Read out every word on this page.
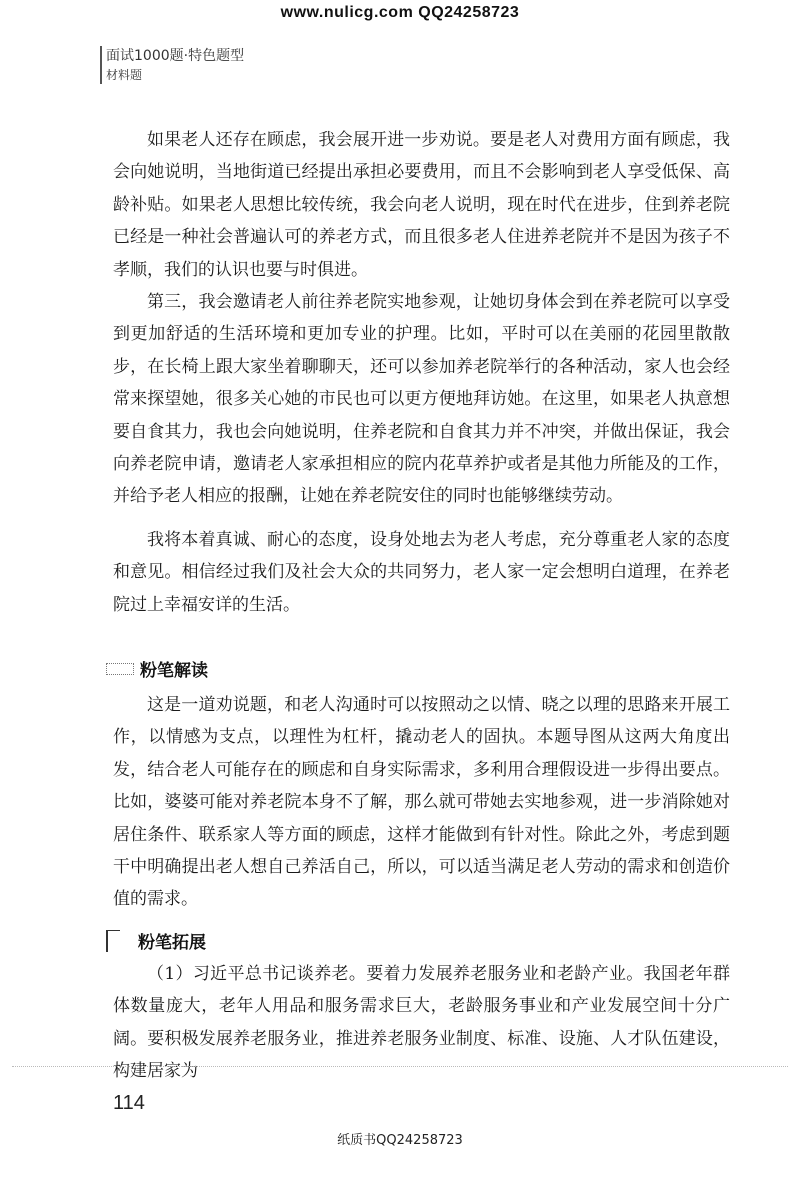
www.nulicg.com QQ24258723
面试1000题·特色题型
材料题

如果老人还存在顾虑，我会展开进一步劝说。要是老人对费用方面有顾虑，我会向她说明，当地街道已经提出承担必要费用，而且不会影响到老人享受低保、高龄补贴。如果老人思想比较传统，我会向老人说明，现在时代在进步，住到养老院已经是一种社会普遍认可的养老方式，而且很多老人住进养老院并不是因为孩子不孝顺，我们的认识也要与时俱进。

第三，我会邀请老人前往养老院实地参观，让她切身体会到在养老院可以享受到更加舒适的生活环境和更加专业的护理。比如，平时可以在美丽的花园里散散步，在长椅上跟大家坐着聊聊天，还可以参加养老院举行的各种活动，家人也会经常来探望她，很多关心她的市民也可以更方便地拜访她。在这里，如果老人执意想要自食其力，我也会向她说明，住养老院和自食其力并不冲突，并做出保证，我会向养老院申请，邀请老人家承担相应的院内花草养护或者是其他力所能及的工作，并给予老人相应的报酬，让她在养老院安住的同时也能够继续劳动。

我将本着真诚、耐心的态度，设身处地去为老人考虑，充分尊重老人家的态度和意见。相信经过我们及社会大众的共同努力，老人家一定会想明白道理，在养老院过上幸福安详的生活。

粉笔解读

这是一道劝说题，和老人沟通时可以按照动之以情、晓之以理的思路来开展工作，以情感为支点，以理性为杠杆，撬动老人的固执。本题导图从这两大角度出发，结合老人可能存在的顾虑和自身实际需求，多利用合理假设进一步得出要点。比如，婆婆可能对养老院本身不了解，那么就可带她去实地参观，进一步消除她对居住条件、联系家人等方面的顾虑，这样才能做到有针对性。除此之外，考虑到题干中明确提出老人想自己养活自己，所以，可以适当满足老人劳动的需求和创造价值的需求。

粉笔拓展

（1）习近平总书记谈养老。要着力发展养老服务业和老龄产业。我国老年群体数量庞大，老年人用品和服务需求巨大，老龄服务事业和产业发展空间十分广阔。要积极发展养老服务业，推进养老服务业制度、标准、设施、人才队伍建设，构建居家为

114
纸质书QQ24258723
